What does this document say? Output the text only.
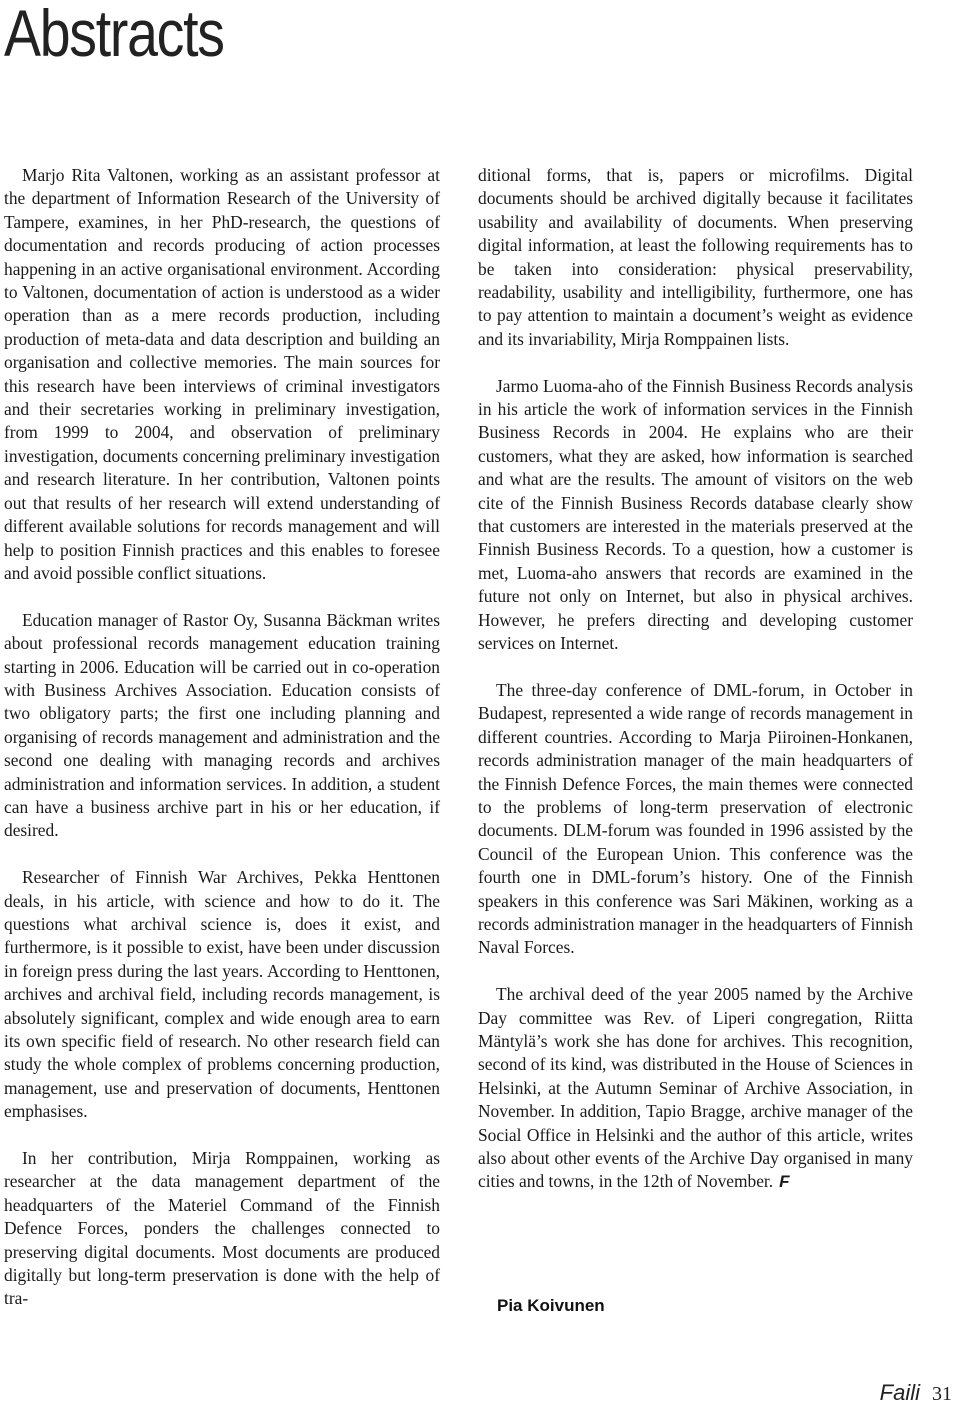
Abstracts

Marjo Rita Valtonen, working as an assistant professor at the department of Information Research of the University of Tampere, examines, in her PhD-research, the questions of documentation and records producing of action processes happening in an active organisational environment. According to Valtonen, documentation of action is understood as a wider operation than as a mere records production, including production of meta-data and data description and building an organisation and collective memories. The main sources for this research have been interviews of criminal investigators and their secretaries working in preliminary investigation, from 1999 to 2004, and observation of preliminary investigation, documents concerning preliminary investigation and research literature. In her contribution, Valtonen points out that results of her research will extend understanding of different available solutions for records management and will help to position Finnish practices and this enables to foresee and avoid possible conflict situations.

Education manager of Rastor Oy, Susanna Bäckman writes about professional records management education training starting in 2006. Education will be carried out in co-operation with Business Archives Association. Education consists of two obligatory parts; the first one including planning and organising of records management and administration and the second one dealing with managing records and archives administration and information services. In addition, a student can have a business archive part in his or her education, if desired.

Researcher of Finnish War Archives, Pekka Henttonen deals, in his article, with science and how to do it. The questions what archival science is, does it exist, and furthermore, is it possible to exist, have been under discussion in foreign press during the last years. According to Henttonen, archives and archival field, including records management, is absolutely significant, complex and wide enough area to earn its own specific field of research. No other research field can study the whole complex of problems concerning production, management, use and preservation of documents, Henttonen emphasises.

In her contribution, Mirja Romppainen, working as researcher at the data management department of the headquarters of the Materiel Command of the Finnish Defence Forces, ponders the challenges connected to preserving digital documents. Most documents are produced digitally but long-term preservation is done with the help of tra-

ditional forms, that is, papers or microfilms. Digital documents should be archived digitally because it facilitates usability and availability of documents. When preserving digital information, at least the following requirements has to be taken into consideration: physical preservability, readability, usability and intelligibility, furthermore, one has to pay attention to maintain a document’s weight as evidence and its invariability, Mirja Romppainen lists.

Jarmo Luoma-aho of the Finnish Business Records analysis in his article the work of information services in the Finnish Business Records in 2004. He explains who are their customers, what they are asked, how information is searched and what are the results. The amount of visitors on the web cite of the Finnish Business Records database clearly show that customers are interested in the materials preserved at the Finnish Business Records. To a question, how a customer is met, Luoma-aho answers that records are examined in the future not only on Internet, but also in physical archives. However, he prefers directing and developing customer services on Internet.

The three-day conference of DML-forum, in October in Budapest, represented a wide range of records management in different countries. According to Marja Piiroinen-Honkanen, records administration manager of the main headquarters of the Finnish Defence Forces, the main themes were connected to the problems of long-term preservation of electronic documents. DLM-forum was founded in 1996 assisted by the Council of the European Union. This conference was the fourth one in DML-forum’s history. One of the Finnish speakers in this conference was Sari Mäkinen, working as a records administration manager in the headquarters of Finnish Naval Forces.

The archival deed of the year 2005 named by the Archive Day committee was Rev. of Liperi congregation, Riitta Mäntylä’s work she has done for archives. This recognition, second of its kind, was distributed in the House of Sciences in Helsinki, at the Autumn Seminar of Archive Association, in November. In addition, Tapio Bragge, archive manager of the Social Office in Helsinki and the author of this article, writes also about other events of the Archive Day organised in many cities and towns, in the 12th of November. F

Pia Koivunen
Faili 31
